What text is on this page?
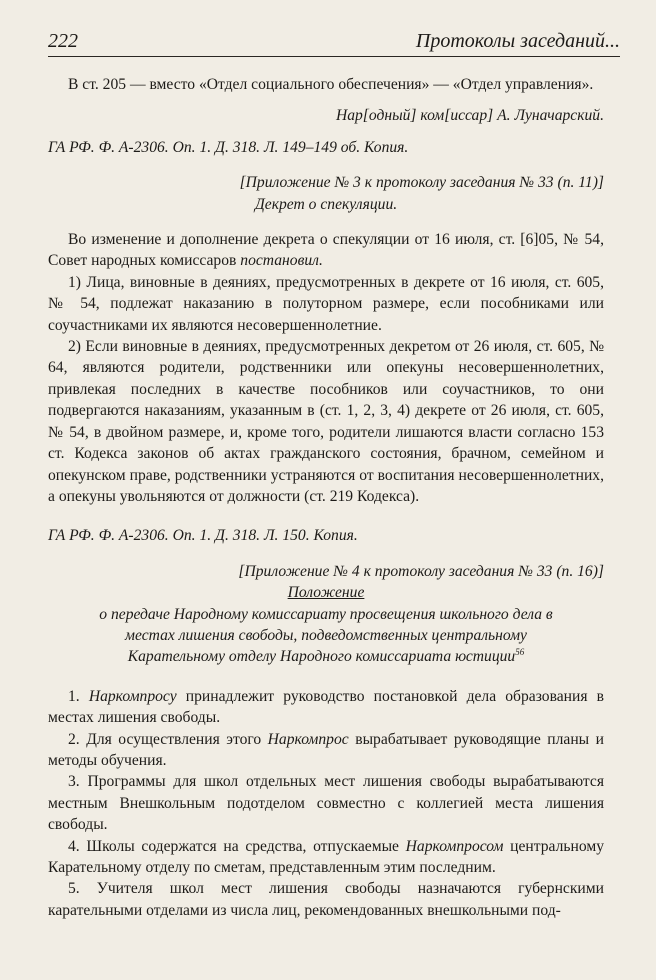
222	Протоколы заседаний...

В ст. 205 — вместо «Отдел социального обеспечения» — «Отдел управления».

Нар[одный] ком[иссар] А. Луначарский.

ГА РФ. Ф. А-2306. Оп. 1. Д. 318. Л. 149–149 об. Копия.

[Приложение № 3 к протоколу заседания № 33 (п. 11)]

Декрет о спекуляции.

Во изменение и дополнение декрета о спекуляции от 16 июля, ст. [6]05, № 54, Совет народных комиссаров постановил.

1) Лица, виновные в деяниях, предусмотренных в декрете от 16 июля, ст. 605, № 54, подлежат наказанию в полуторном размере, если пособниками или соучастниками их являются несовершеннолетние.

2) Если виновные в деяниях, предусмотренных декретом от 26 июля, ст. 605, № 64, являются родители, родственники или опекуны несовершеннолетних, привлекая последних в качестве пособников или соучастников, то они подвергаются наказаниям, указанным в (ст. 1, 2, 3, 4) декрете от 26 июля, ст. 605, № 54, в двойном размере, и, кроме того, родители лишаются власти согласно 153 ст. Кодекса законов об актах гражданского состояния, брачном, семейном и опекунском праве, родственники устраняются от воспитания несовершеннолетних, а опекуны увольняются от должности (ст. 219 Кодекса).

ГА РФ. Ф. А-2306. Оп. 1. Д. 318. Л. 150. Копия.

[Приложение № 4 к протоколу заседания № 33 (п. 16)]

Положение

о передаче Народному комиссариату просвещения школьного дела в местах лишения свободы, подведомственных центральному Карательному отделу Народного комиссариата юстиции$^{56}$

1. Наркомпросу принадлежит руководство постановкой дела образования в местах лишения свободы.

2. Для осуществления этого Наркомпрос вырабатывает руководящие планы и методы обучения.

3. Программы для школ отдельных мест лишения свободы вырабатываются местным Внешкольным подотделом совместно с коллегией места лишения свободы.

4. Школы содержатся на средства, отпускаемые Наркомпросом центральному Карательному отделу по сметам, представленным этим последним.

5. Учителя школ мест лишения свободы назначаются губернскими карательными отделами из числа лиц, рекомендованных внешкольными под-
